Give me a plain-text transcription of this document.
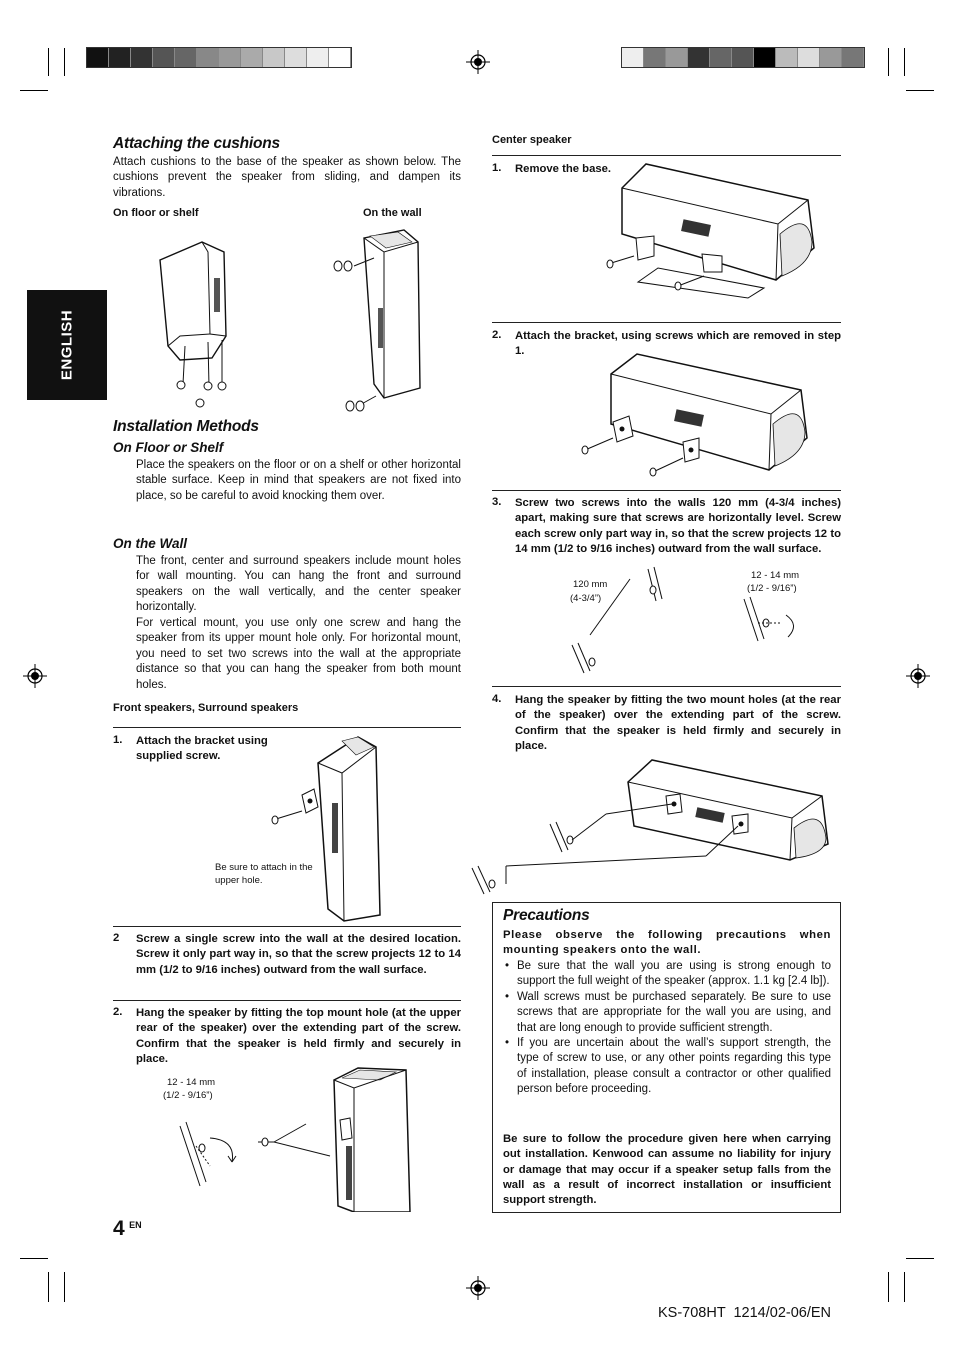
ENGLISH
Attaching the cushions
Attach cushions to the base of the speaker as shown below. The cushions prevent the speaker from sliding, and dampen its vibrations.
On floor or shelf	On the wall
Installation Methods
On Floor or Shelf
Place the speakers on the floor or on a shelf or other horizontal stable surface. Keep in mind that speakers are not fixed into place, so be careful to avoid knocking them over.
On the Wall
The front, center and surround speakers include mount holes for wall mounting. You can hang the front and surround speakers on the wall vertically, and the center speaker horizontally.
For vertical mount, you use only one screw and hang the speaker from its upper mount hole only. For horizontal mount, you need to set two screws into the wall at the appropriate distance so that you can hang the speaker from both mount holes.
Front speakers, Surround speakers
1. Attach the bracket using supplied screw.
Be sure to attach in the upper hole.
2 Screw a single screw into the wall at the desired location. Screw it only part way in, so that the screw projects 12 to 14 mm (1/2 to 9/16 inches) outward from the wall surface.
2. Hang the speaker by fitting the top mount hole (at the upper rear of the speaker) over the extending part of the screw. Confirm that the speaker is held firmly and securely in place.
12 - 14 mm
(1/2 - 9/16”)
Center speaker
1. Remove the base.
2. Attach the bracket, using screws which are removed in step 1.
3. Screw two screws into the walls 120 mm (4-3/4 inches) apart, making sure that screws are horizontally level. Screw each screw only part way in, so that the screw projects 12 to 14 mm (1/2 to 9/16 inches) outward from the wall surface.
120 mm
(4-3/4”)
12 - 14 mm
(1/2 - 9/16”)
4. Hang the speaker by fitting the two mount holes (at the rear of the speaker) over the extending part of the screw. Confirm that the speaker is held firmly and securely in place.
Precautions
Please observe the following precautions when mounting speakers onto the wall.
• Be sure that the wall you are using is strong enough to support the full weight of the speaker (approx. 1.1 kg [2.4 lb]).
• Wall screws must be purchased separately. Be sure to use screws that are appropriate for the wall you are using, and that are long enough to provide sufficient strength.
• If you are uncertain about the wall’s support strength, the type of screw to use, or any other points regarding this type of installation, please consult a contractor or other qualified person before proceeding.
Be sure to follow the procedure given here when carrying out installation. Kenwood can assume no liability for injury or damage that may occur if a speaker setup falls from the wall as a result of incorrect installation or insufficient support strength.
4 $^{EN}$
KS-708HT  1214/02-06/EN
